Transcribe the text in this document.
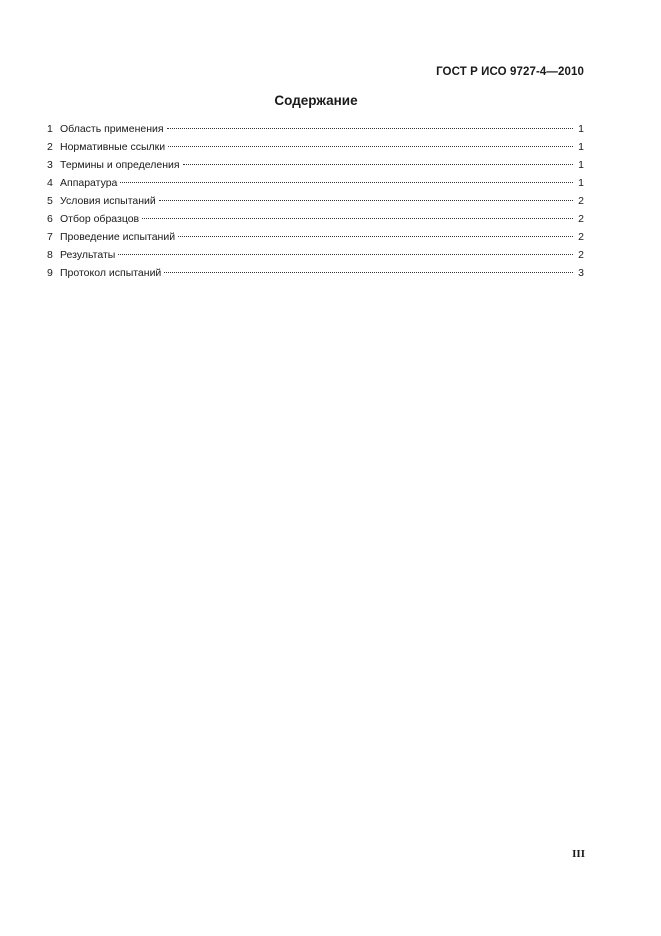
ГОСТ Р ИСО 9727-4—2010
Содержание
1 Область применения	1
2 Нормативные ссылки	1
3 Термины и определения	1
4 Аппаратура	1
5 Условия испытаний	2
6 Отбор образцов	2
7 Проведение испытаний	2
8 Результаты	2
9 Протокол испытаний	3
III
